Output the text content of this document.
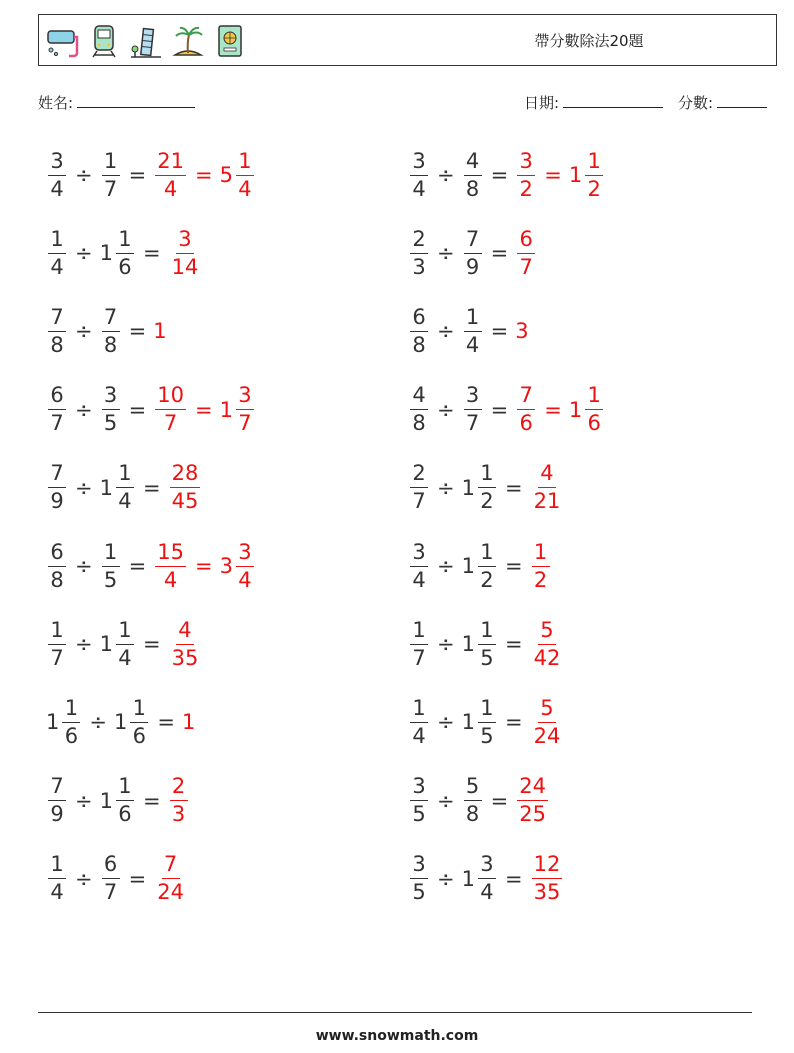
帶分數除法20題
姓名:	日期:	分數:
$\frac{3}{4} \div \frac{1}{7} = \frac{21}{4} = 5 \frac{1}{4}$	$\frac{3}{4} \div \frac{4}{8} = \frac{3}{2} = 1 \frac{1}{2}$
$\frac{1}{4} \div 1 \frac{1}{6} = \frac{3}{14}$	$\frac{2}{3} \div \frac{7}{9} = \frac{6}{7}$
$\frac{7}{8} \div \frac{7}{8} = 1$	$\frac{6}{8} \div \frac{1}{4} = 3$
$\frac{6}{7} \div \frac{3}{5} = \frac{10}{7} = 1 \frac{3}{7}$	$\frac{4}{8} \div \frac{3}{7} = \frac{7}{6} = 1 \frac{1}{6}$
$\frac{7}{9} \div 1 \frac{1}{4} = \frac{28}{45}$	$\frac{2}{7} \div 1 \frac{1}{2} = \frac{4}{21}$
$\frac{6}{8} \div \frac{1}{5} = \frac{15}{4} = 3 \frac{3}{4}$	$\frac{3}{4} \div 1 \frac{1}{2} = \frac{1}{2}$
$\frac{1}{7} \div 1 \frac{1}{4} = \frac{4}{35}$	$\frac{1}{7} \div 1 \frac{1}{5} = \frac{5}{42}$
$1 \frac{1}{6} \div 1 \frac{1}{6} = 1$	$\frac{1}{4} \div 1 \frac{1}{5} = \frac{5}{24}$
$\frac{7}{9} \div 1 \frac{1}{6} = \frac{2}{3}$	$\frac{3}{5} \div \frac{5}{8} = \frac{24}{25}$
$\frac{1}{4} \div \frac{6}{7} = \frac{7}{24}$	$\frac{3}{5} \div 1 \frac{3}{4} = \frac{12}{35}$
www.snowmath.com
